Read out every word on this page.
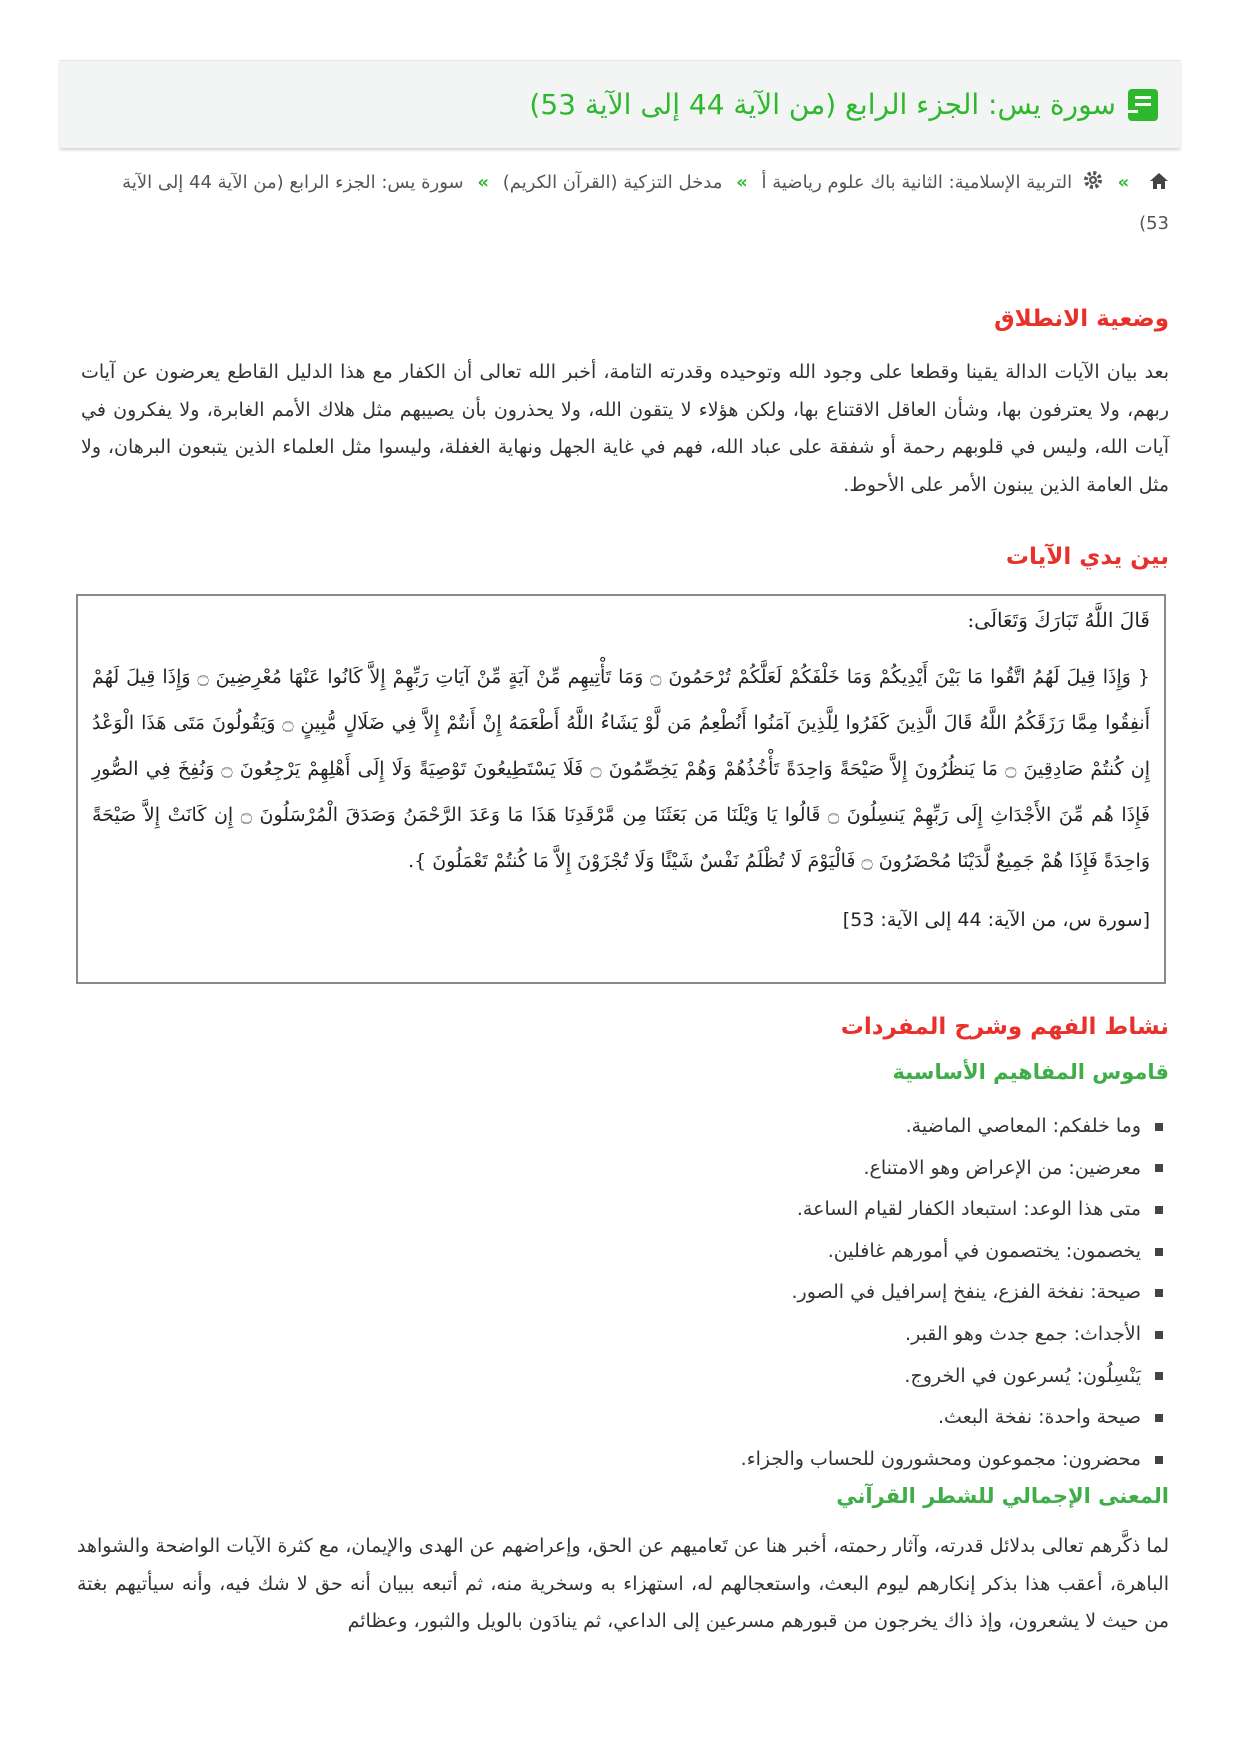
سورة يس: الجزء الرابع (من الآية 44 إلى الآية 53)
»  التربية الإسلامية: الثانية باك علوم رياضية أ » مدخل التزكية (القرآن الكريم) » سورة يس: الجزء الرابع (من الآية 44 إلى الآية 53)
وضعية الانطلاق

بعد بيان الآيات الدالة يقينا وقطعا على وجود الله وتوحيده وقدرته التامة، أخبر الله تعالى أن الكفار مع هذا الدليل القاطع يعرضون عن آيات ربهم، ولا يعترفون بها، وشأن العاقل الاقتناع بها، ولكن هؤلاء لا يتقون الله، ولا يحذرون بأن يصيبهم مثل هلاك الأمم الغابرة، ولا يفكرون في آيات الله، وليس في قلوبهم رحمة أو شفقة على عباد الله، فهم في غاية الجهل ونهاية الغفلة، وليسوا مثل العلماء الذين يتبعون البرهان، ولا مثل العامة الذين يبنون الأمر على الأحوط.

بين يدي الآيات
قَالَ اللَّهُ تَبَارَكَ وَتَعَالَى:
{ وَإِذَا قِيلَ لَهُمُ اتَّقُوا مَا بَيْنَ أَيْدِيكُمْ وَمَا خَلْفَكُمْ لَعَلَّكُمْ تُرْحَمُونَ ۝ وَمَا تَأْتِيهِم مِّنْ آيَةٍ مِّنْ آيَاتِ رَبِّهِمْ إِلاَّ كَانُوا عَنْهَا مُعْرِضِينَ ۝ وَإِذَا قِيلَ لَهُمْ أَنفِقُوا مِمَّا رَزَقَكُمُ اللَّهُ قَالَ الَّذِينَ كَفَرُوا لِلَّذِينَ آمَنُوا أَنُطْعِمُ مَن لَّوْ يَشَاءُ اللَّهُ أَطْعَمَهُ إِنْ أَنتُمْ إِلاَّ فِي ضَلَالٍ مُّبِينٍ ۝ وَيَقُولُونَ مَتَى هَذَا الْوَعْدُ إِن كُنتُمْ صَادِقِينَ ۝ مَا يَنظُرُونَ إِلاَّ صَيْحَةً وَاحِدَةً تَأْخُذُهُمْ وَهُمْ يَخِصِّمُونَ ۝ فَلَا يَسْتَطِيعُونَ تَوْصِيَةً وَلَا إِلَى أَهْلِهِمْ يَرْجِعُونَ ۝ وَنُفِخَ فِي الصُّورِ فَإِذَا هُم مِّنَ الأَجْدَاثِ إِلَى رَبِّهِمْ يَنسِلُونَ ۝ قَالُوا يَا وَيْلَنَا مَن بَعَثَنَا مِن مَّرْقَدِنَا هَذَا مَا وَعَدَ الرَّحْمَنُ وَصَدَقَ الْمُرْسَلُونَ ۝ إِن كَانَتْ إِلاَّ صَيْحَةً وَاحِدَةً فَإِذَا هُمْ جَمِيعٌ لَّدَيْنَا مُحْضَرُونَ ۝ فَالْيَوْمَ لَا تُظْلَمُ نَفْسٌ شَيْئًا وَلَا تُجْزَوْنَ إِلاَّ مَا كُنتُمْ تَعْمَلُونَ }.
[سورة س، من الآية: 44 إلى الآية: 53]
نشاط الفهم وشرح المفردات
قاموس المفاهيم الأساسية
وما خلفكم: المعاصي الماضية.
معرضين: من الإعراض وهو الامتناع.
متى هذا الوعد: استبعاد الكفار لقيام الساعة.
يخصمون: يختصمون في أمورهم غافلين.
صيحة: نفخة الفزع، ينفخ إسرافيل في الصور.
الأجداث: جمع جدث وهو القبر.
يَنْسِلُون: يُسرعون في الخروج.
صيحة واحدة: نفخة البعث.
محضرون: مجموعون ومحشورون للحساب والجزاء.
المعنى الإجمالي للشطر القرآني

لما ذكَّرهم تعالى بدلائل قدرته، وآثار رحمته، أخبر هنا عن تَعاميهم عن الحق، وإعراضهم عن الهدى والإيمان، مع كثرة الآيات الواضحة والشواهد الباهرة، أعقب هذا بذكر إنكارهم ليوم البعث، واستعجالهم له، استهزاء به وسخرية منه، ثم أتبعه ببيان أنه حق لا شك فيه، وأنه سيأتيهم بغتة من حيث لا يشعرون، وإذ ذاك يخرجون من قبورهم مسرعين إلى الداعي، ثم ينادَون بالويل والثبور، وعظائم
